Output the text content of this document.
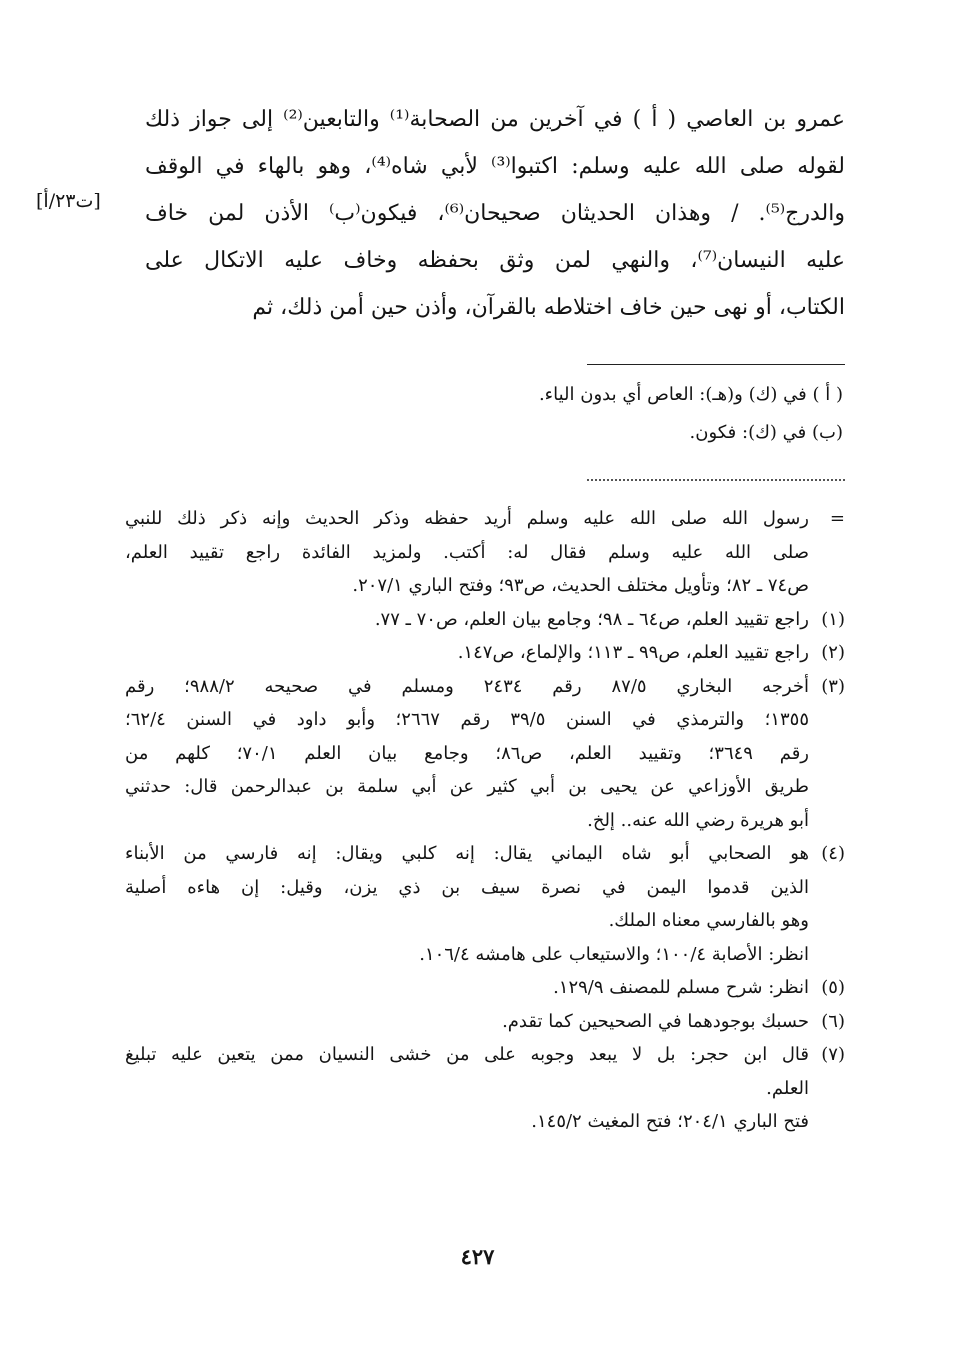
عمرو بن العاصي ( أ ) في آخرين من الصحابة⁽¹⁾ والتابعين⁽²⁾ إلى جواز ذلك
لقوله صلى الله عليه وسلم: اكتبوا⁽³⁾ لأبي شاه⁽⁴⁾، وهو بالهاء في الوقف
والدرج⁽⁵⁾. / وهذان الحديثان صحيحان⁽⁶⁾، فيكون⁽ب⁾ الأذن لمن خاف
عليه النيسان⁽⁷⁾، والنهي لمن وثق بحفظه وخاف عليه الاتكال على
الكتاب، أو نهى حين خاف اختلاطه بالقرآن، وأذن حين أمن ذلك، ثم
[ت٢٣/أ]
( أ ) في (ك) و(هـ): العاص أي بدون الياء.
(ب) في (ك): فكون.
=
رسول الله صلى الله عليه وسلم أريد حفظه وذكر الحديث وإنه ذكر ذلك للنبي
صلى الله عليه وسلم فقال له: أكتب. ولمزيد الفائدة راجع تقييد العلم،
ص٧٤ ـ ٨٢؛ وتأويل مختلف الحديث، ص٩٣؛ وفتح الباري ٢٠٧/١.
(١)
راجع تقييد العلم، ص٦٤ ـ ٩٨؛ وجامع بيان العلم، ص٧٠ ـ ٧٧.
(٢)
راجع تقييد العلم، ص٩٩ ـ ١١٣؛ والإلماع، ص١٤٧.
(٣)
أخرجه البخاري ٨٧/٥ رقم ٢٤٣٤ ومسلم في صحيحه ٩٨٨/٢؛ رقم
١٣٥٥؛ والترمذي في السنن ٣٩/٥ رقم ٢٦٦٧؛ وأبو داود في السنن ٦٢/٤؛
رقم ٣٦٤٩؛ وتقييد العلم، ص٨٦؛ وجامع بيان العلم ٧٠/١؛ كلهم من
طريق الأوزاعي عن يحيى بن أبي كثير عن أبي سلمة بن عبدالرحمن قال: حدثني
أبو هريرة رضي الله عنه.. إلخ.
(٤)
هو الصحابي أبو شاه اليماني يقال: إنه كلبي ويقال: إنه فارسي من الأبناء
الذين قدموا اليمن في نصرة سيف بن ذي يزن، وقيل: إن هاءه أصلية
وهو بالفارسي معناه الملك.
انظر: الأصابة ١٠٠/٤؛ والاستيعاب على هامشه ١٠٦/٤.
(٥)
انظر: شرح مسلم للمصنف ١٢٩/٩.
(٦)
حسبك بوجودهما في الصحيحين كما تقدم.
(٧)
قال ابن حجر: بل لا يبعد وجوبه على من خشى النسيان ممن يتعين عليه تبليغ
العلم.
فتح الباري ٢٠٤/١؛ فتح المغيث ١٤٥/٢.
٤٢٧
